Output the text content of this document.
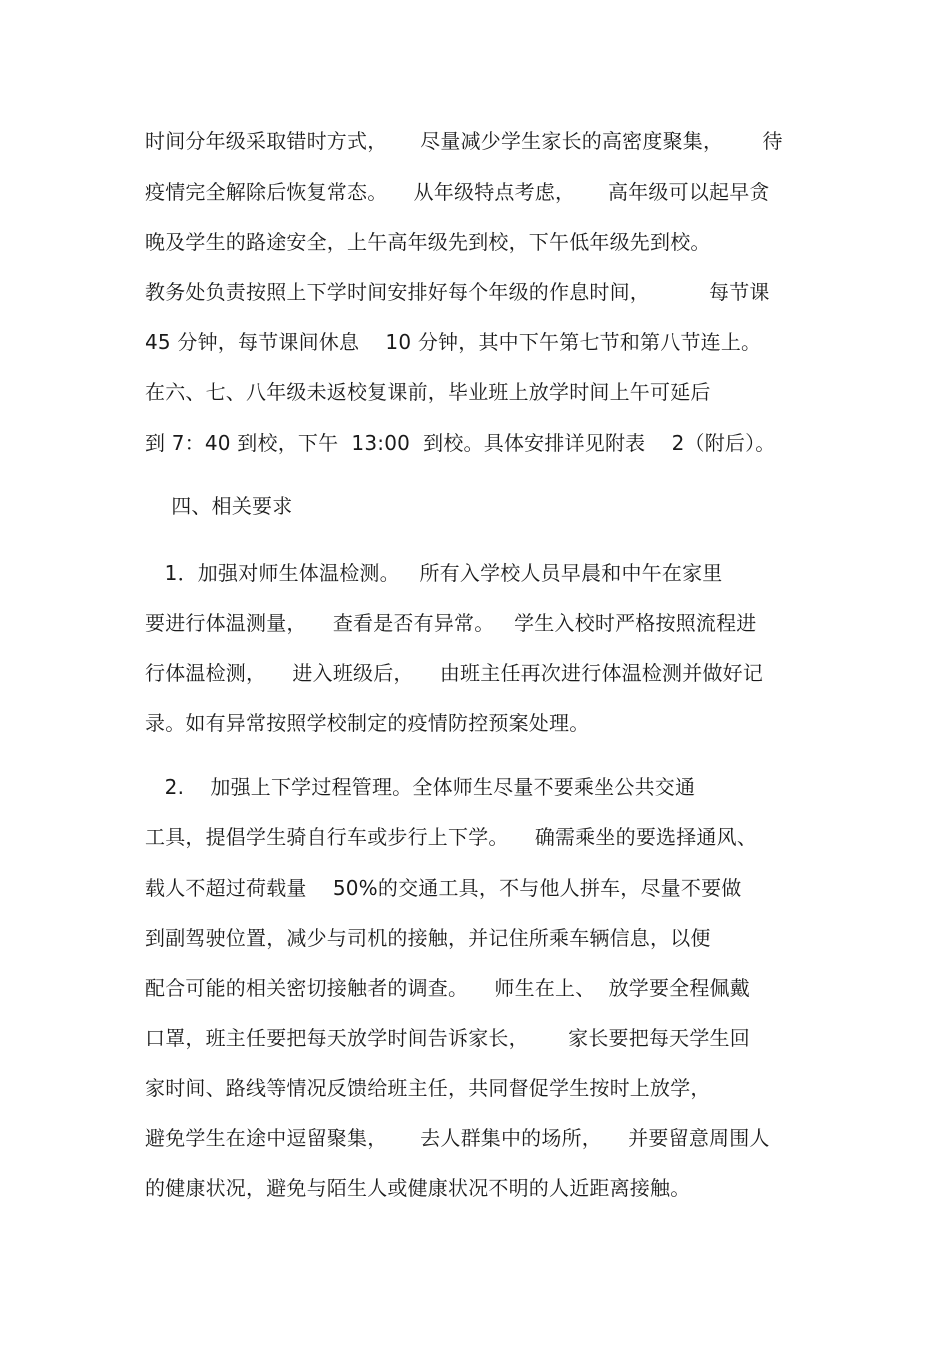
时间分年级采取错时方式，     尽量减少学生家长的高密度聚集，      待
疫情完全解除后恢复常态。    从年级特点考虑，     高年级可以起早贪
晚及学生的路途安全，上午高年级先到校，下午低年级先到校。
教务处负责按照上下学时间安排好每个年级的作息时间，         每节课
45 分钟，每节课间休息    10 分钟，其中下午第七节和第八节连上。
在六、七、八年级未返校复课前，毕业班上放学时间上午可延后
到 7：40 到校，下午  13:00  到校。具体安排详见附表    2（附后）。
四、相关要求
1．加强对师生体温检测。   所有入学校人员早晨和中午在家里
要进行体温测量，    查看是否有异常。   学生入校时严格按照流程进
行体温检测，    进入班级后，    由班主任再次进行体温检测并做好记
录。如有异常按照学校制定的疫情防控预案处理。
2.    加强上下学过程管理。全体师生尽量不要乘坐公共交通
工具，提倡学生骑自行车或步行上下学。    确需乘坐的要选择通风、
载人不超过荷载量    50%的交通工具，不与他人拼车，尽量不要做
到副驾驶位置，减少与司机的接触，并记住所乘车辆信息，以便
配合可能的相关密切接触者的调查。    师生在上、  放学要全程佩戴
口罩，班主任要把每天放学时间告诉家长，      家长要把每天学生回
家时间、路线等情况反馈给班主任，共同督促学生按时上放学，
避免学生在途中逗留聚集，     去人群集中的场所，    并要留意周围人
的健康状况，避免与陌生人或健康状况不明的人近距离接触。
